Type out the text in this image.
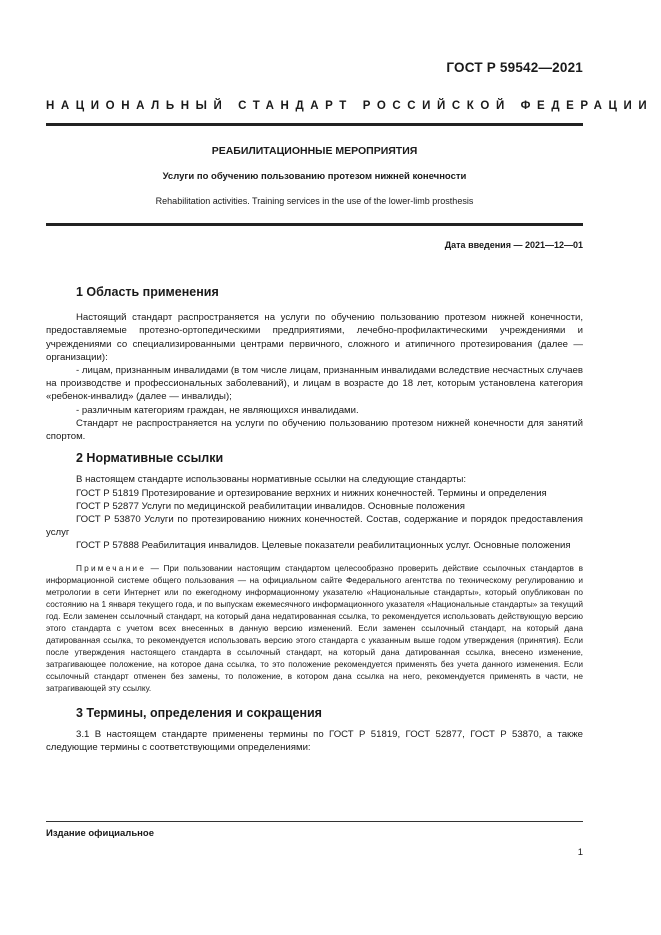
ГОСТ Р 59542—2021
НАЦИОНАЛЬНЫЙ СТАНДАРТ РОССИЙСКОЙ ФЕДЕРАЦИИ
РЕАБИЛИТАЦИОННЫЕ МЕРОПРИЯТИЯ
Услуги по обучению пользованию протезом нижней конечности
Rehabilitation activities. Training services in the use of the lower-limb prosthesis
Дата введения — 2021—12—01
1 Область применения

Настоящий стандарт распространяется на услуги по обучению пользованию протезом нижней конечности, предоставляемые протезно-ортопедическими предприятиями, лечебно-профилактическими учреждениями и учреждениями со специализированными центрами первичного, сложного и атипичного протезирования (далее — организации):

- лицам, признанным инвалидами (в том числе лицам, признанным инвалидами вследствие несчастных случаев на производстве и профессиональных заболеваний), и лицам в возрасте до 18 лет, которым установлена категория «ребенок-инвалид» (далее — инвалиды);

- различным категориям граждан, не являющихся инвалидами.

Стандарт не распространяется на услуги по обучению пользованию протезом нижней конечности для занятий спортом.

2 Нормативные ссылки

В настоящем стандарте использованы нормативные ссылки на следующие стандарты:

ГОСТ Р 51819 Протезирование и ортезирование верхних и нижних конечностей. Термины и определения

ГОСТ Р 52877 Услуги по медицинской реабилитации инвалидов. Основные положения

ГОСТ Р 53870 Услуги по протезированию нижних конечностей. Состав, содержание и порядок предоставления услуг

ГОСТ Р 57888 Реабилитация инвалидов. Целевые показатели реабилитационных услуг. Основные положения

Примечание — При пользовании настоящим стандартом целесообразно проверить действие ссылочных стандартов в информационной системе общего пользования — на официальном сайте Федерального агентства по техническому регулированию и метрологии в сети Интернет или по ежегодному информационному указателю «Национальные стандарты», который опубликован по состоянию на 1 января текущего года, и по выпускам ежемесячного информационного указателя «Национальные стандарты» за текущий год. Если заменен ссылочный стандарт, на который дана недатированная ссылка, то рекомендуется использовать действующую версию этого стандарта с учетом всех внесенных в данную версию изменений. Если заменен ссылочный стандарт, на который дана датированная ссылка, то рекомендуется использовать версию этого стандарта с указанным выше годом утверждения (принятия). Если после утверждения настоящего стандарта в ссылочный стандарт, на который дана датированная ссылка, внесено изменение, затрагивающее положение, на которое дана ссылка, то это положение рекомендуется применять без учета данного изменения. Если ссылочный стандарт отменен без замены, то положение, в котором дана ссылка на него, рекомендуется применять в части, не затрагивающей эту ссылку.
3 Термины, определения и сокращения

3.1 В настоящем стандарте применены термины по ГОСТ Р 51819, ГОСТ 52877, ГОСТ Р 53870, а также следующие термины с соответствующими определениями:

Издание официальное
1
